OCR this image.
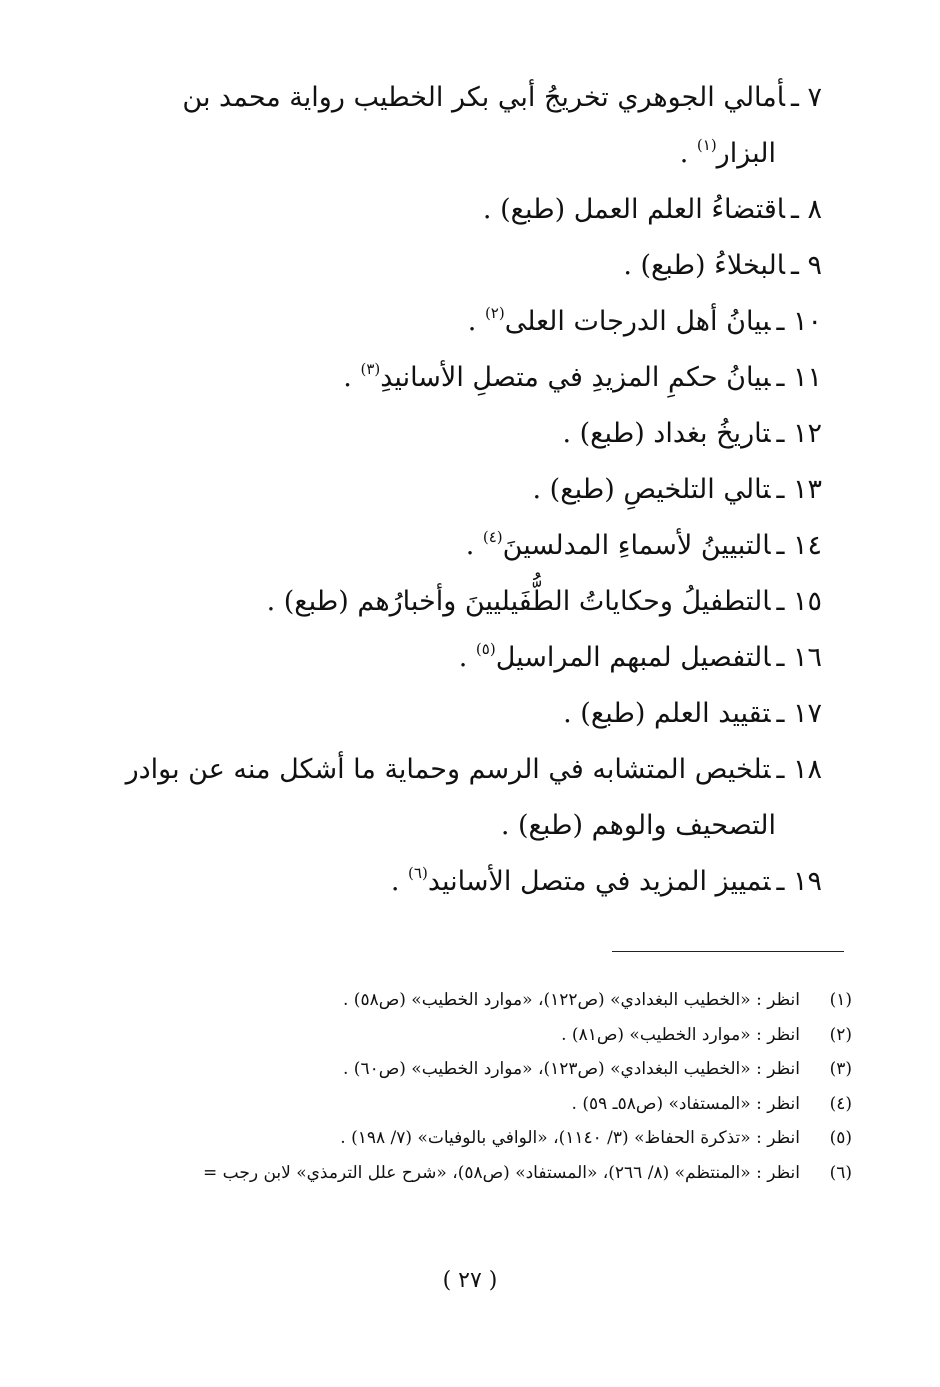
٧ ـأمالي الجوهري تخريجُ أبي بكر الخطيب رواية محمد بن
البزار$^{(١)}$ .
٨ ـاقتضاءُ العلم العمل (طبع) .
٩ ـالبخلاءُ (طبع) .
١٠ ـبيانُ أهل الدرجات العلى$^{(٢)}$ .
١١ ـبيانُ حكمِ المزيدِ في متصلِ الأسانيدِ$^{(٣)}$ .
١٢ ـتاريخُ بغداد (طبع) .
١٣ ـتالي التلخيصِ (طبع) .
١٤ ـالتبيينُ لأسماءِ المدلسينَ$^{(٤)}$ .
١٥ ـالتطفيلُ وحكاياتُ الطُّفَيليينَ وأخبارُهم (طبع) .
١٦ ـالتفصيل لمبهم المراسيل$^{(٥)}$ .
١٧ ـتقييد العلم (طبع) .
١٨ ـتلخيص المتشابه في الرسم وحماية ما أشكل منه عن بوادر
التصحيف والوهم (طبع) .
١٩ ـتمييز المزيد في متصل الأسانيد$^{(٦)}$ .
(١)انظر : «الخطيب البغدادي» (ص١٢٢)، «موارد الخطيب» (ص٥٨) .
(٢)انظر : «موارد الخطيب» (ص٨١) .
(٣)انظر : «الخطيب البغدادي» (ص١٢٣)، «موارد الخطيب» (ص٦٠) .
(٤)انظر : «المستفاد» (ص٥٨ـ ٥٩) .
(٥)انظر : «تذكرة الحفاظ» (٣/ ١١٤٠)، «الوافي بالوفيات» (٧/ ١٩٨) .
(٦)انظر : «المنتظم» (٨/ ٢٦٦)، «المستفاد» (ص٥٨)، «شرح علل الترمذي» لابن رجب =
( ٢٧ )
